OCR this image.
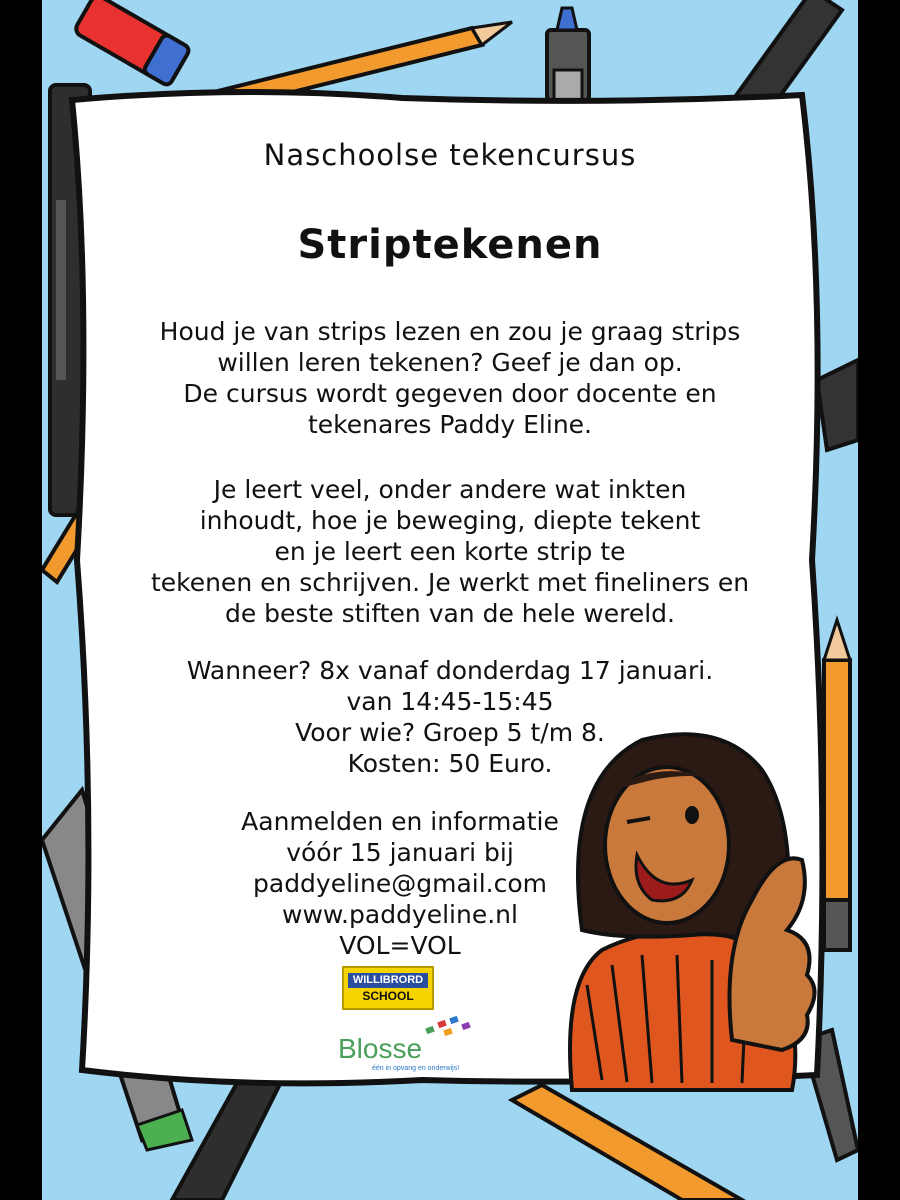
WILLIBRORD
SCHOOL
Blosse
één in opvang en onderwijs!
Naschoolse tekencursus
Striptekenen
Houd je van strips lezen en zou je graag strips
willen leren tekenen? Geef je dan op.
De cursus wordt gegeven door docente en
tekenares Paddy Eline.
Je leert veel, onder andere wat inkten
inhoudt, hoe je beweging, diepte tekent
en je leert een korte strip te
tekenen en schrijven. Je werkt met fineliners en
de beste stiften van de hele wereld.
Wanneer? 8x vanaf donderdag 17 januari.
van 14:45-15:45
Voor wie? Groep 5 t/m 8.
Kosten: 50 Euro.
Aanmelden en informatie
vóór 15 januari bij
paddyeline@gmail.com
www.paddyeline.nl
VOL=VOL
